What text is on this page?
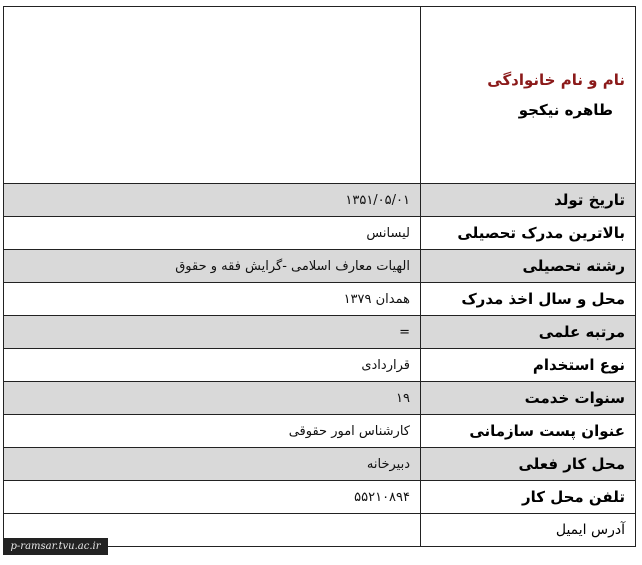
نام و نام خانوادگی
طاهره نیکجو	

تاریخ تولد	۱۳۵۱/۰۵/۰۱
بالاترین مدرک تحصیلی	لیسانس
رشته تحصیلی	الهیات معارف اسلامی -گرایش فقه و حقوق
محل و سال اخذ مدرک	همدان ۱۳۷۹
مرتبه علمی	=
نوع استخدام	قراردادی
سنوات خدمت	۱۹
عنوان پست سازمانی	کارشناس امور حقوقی
محل کار فعلی	دبیرخانه
تلفن محل کار	۵۵۲۱۰۸۹۴
آدرس ایمیل	
p-ramsar.tvu.ac.ir
